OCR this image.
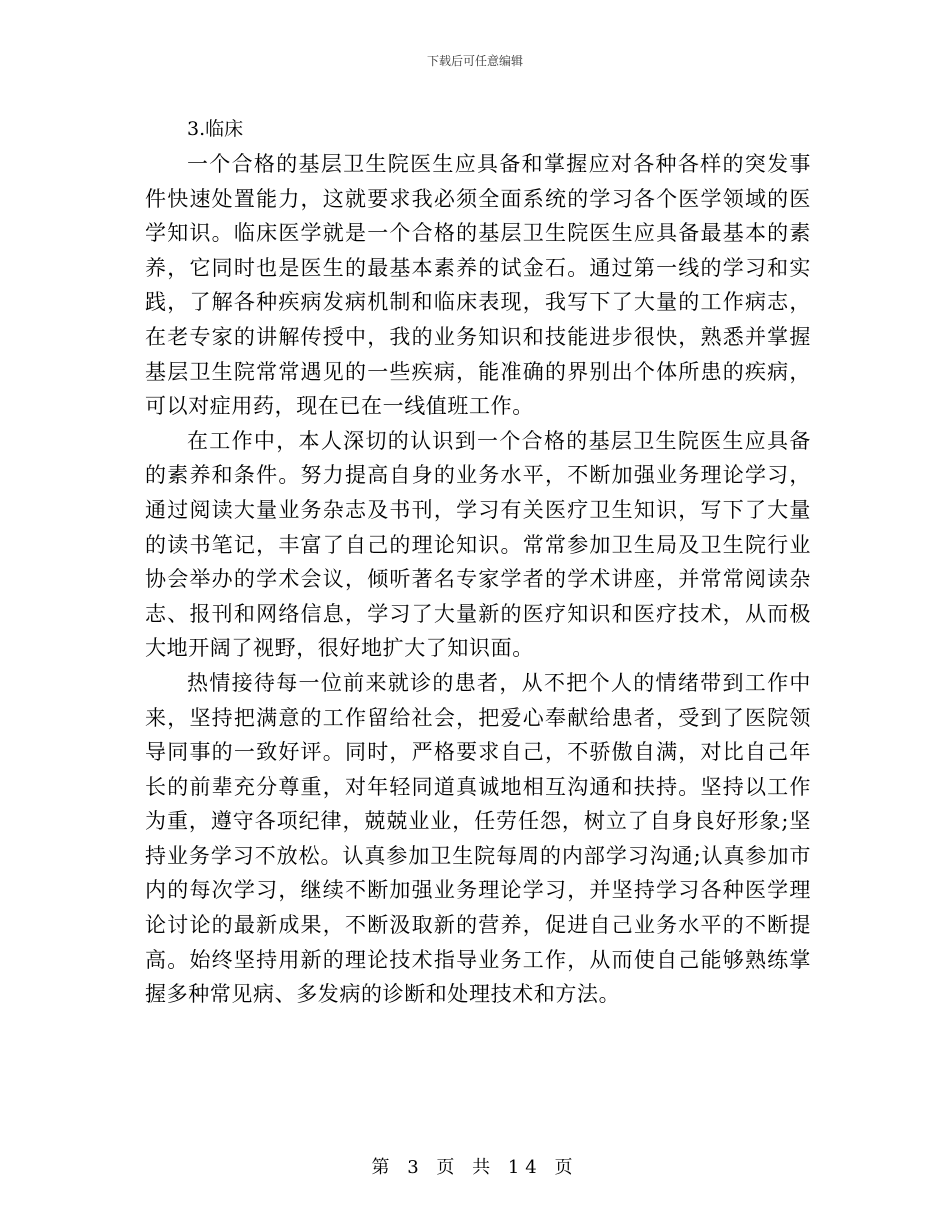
下载后可任意编辑
3.临床

一个合格的基层卫生院医生应具备和掌握应对各种各样的突发事件快速处置能力，这就要求我必须全面系统的学习各个医学领域的医学知识。临床医学就是一个合格的基层卫生院医生应具备最基本的素养，它同时也是医生的最基本素养的试金石。通过第一线的学习和实践，了解各种疾病发病机制和临床表现，我写下了大量的工作病志，在老专家的讲解传授中，我的业务知识和技能进步很快，熟悉并掌握基层卫生院常常遇见的一些疾病，能准确的界别出个体所患的疾病，可以对症用药，现在已在一线值班工作。

在工作中，本人深切的认识到一个合格的基层卫生院医生应具备的素养和条件。努力提高自身的业务水平，不断加强业务理论学习，通过阅读大量业务杂志及书刊，学习有关医疗卫生知识，写下了大量的读书笔记，丰富了自己的理论知识。常常参加卫生局及卫生院行业协会举办的学术会议，倾听著名专家学者的学术讲座，并常常阅读杂志、报刊和网络信息，学习了大量新的医疗知识和医疗技术，从而极大地开阔了视野，很好地扩大了知识面。

热情接待每一位前来就诊的患者，从不把个人的情绪带到工作中来，坚持把满意的工作留给社会，把爱心奉献给患者，受到了医院领导同事的一致好评。同时，严格要求自己，不骄傲自满，对比自己年长的前辈充分尊重，对年轻同道真诚地相互沟通和扶持。坚持以工作为重，遵守各项纪律，兢兢业业，任劳任怨，树立了自身良好形象;坚持业务学习不放松。认真参加卫生院每周的内部学习沟通;认真参加市内的每次学习，继续不断加强业务理论学习，并坚持学习各种医学理论讨论的最新成果，不断汲取新的营养，促进自己业务水平的不断提高。始终坚持用新的理论技术指导业务工作，从而使自己能够熟练掌握多种常见病、多发病的诊断和处理技术和方法。

第 3 页 共 14 页
